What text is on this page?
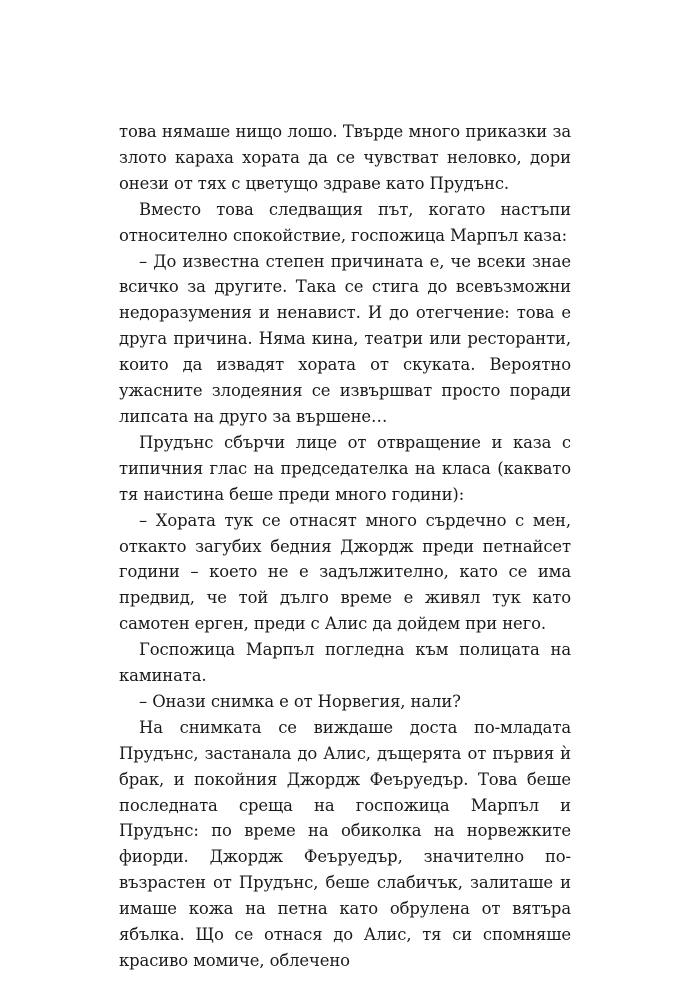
това нямаше нищо лошо. Твърде много приказки за злото караха хората да се чувстват неловко, дори онези от тях с цветущо здраве като Прудънс.

Вместо това следващия път, когато настъпи относително спокойствие, госпожица Марпъл каза:

– До известна степен причината е, че всеки знае всичко за другите. Така се стига до всевъзможни недоразумения и ненавист. И до отегчение: това е друга причина. Няма кина, театри или ресторанти, които да извадят хората от скуката. Вероятно ужасните злодеяния се извършват просто поради липсата на друго за вършене…

Прудънс сбърчи лице от отвращение и каза с типичния глас на председателка на класа (каквато тя наистина беше преди много години):

– Хората тук се отнасят много сърдечно с мен, откакто загубих бедния Джордж преди петнайсет години – което не е задължително, като се има предвид, че той дълго време е живял тук като самотен ерген, преди с Алис да дойдем при него.

Госпожица Марпъл погледна към полицата на камината.

– Онази снимка е от Норвегия, нали?

На снимката се виждаше доста по-младата Прудънс, застанала до Алис, дъщерята от първия ѝ брак, и покойния Джордж Феъруедър. Това беше последната среща на госпожица Марпъл и Прудънс: по време на обиколка на норвежките фиорди. Джордж Феъруедър, значително по-възрастен от Прудънс, беше слабичък, залиташе и имаше кожа на петна като обрулена от вятъра ябълка. Що се отнася до Алис, тя си спомняше красиво момиче, облечено
